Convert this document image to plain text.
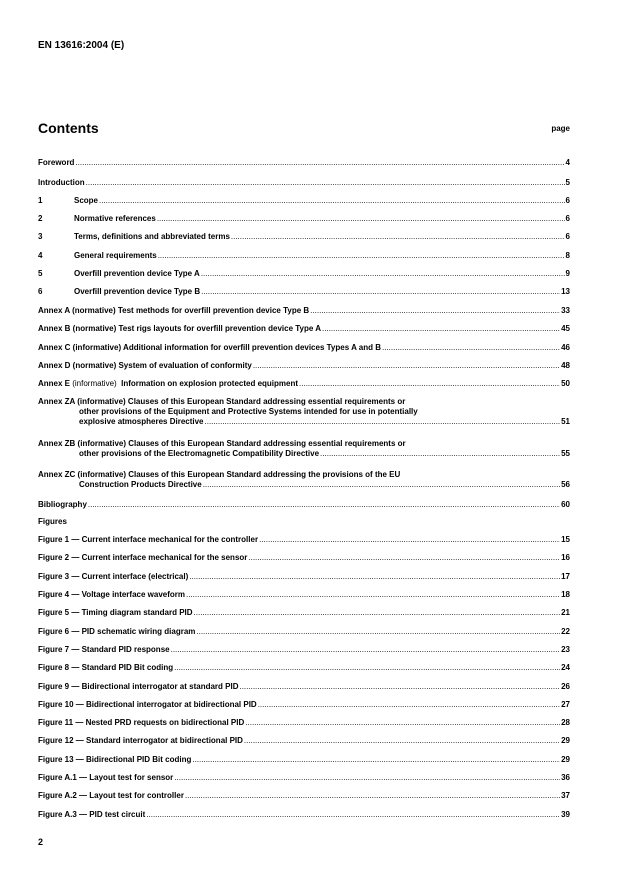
EN 13616:2004 (E)
Contents	page
Foreword .....	4
Introduction .....	5
1	Scope .....	6
2	Normative references .....	6
3	Terms, definitions and abbreviated terms .....	6
4	General requirements .....	8
5	Overfill prevention device Type A .....	9
6	Overfill prevention device Type B .....	13
Annex A (normative) Test methods for overfill prevention device Type B .....	33
Annex B (normative) Test rigs layouts for overfill prevention device Type A .....	45
Annex C (informative) Additional information for overfill prevention devices Types A and B .....	46
Annex D (normative) System of evaluation of conformity .....	48
Annex E (informative)  Information on explosion protected equipment .....	50
Annex ZA (informative) Clauses of this European Standard addressing essential requirements or
other provisions of the Equipment and Protective Systems intended for use in potentially
explosive atmospheres Directive .....	51
Annex ZB (informative) Clauses of this European Standard addressing essential requirements or
other provisions of the Electromagnetic Compatibility Directive .....	55
Annex ZC (informative) Clauses of this European Standard addressing the provisions of the EU
Construction Products Directive .....	56
Bibliography .....	60
Figures
Figure 1 — Current interface mechanical for the controller .....	15
Figure 2 — Current interface mechanical for the sensor .....	16
Figure 3 — Current interface (electrical) .....	17
Figure 4 — Voltage interface waveform .....	18
Figure 5 — Timing diagram standard PID .....	21
Figure 6 — PID schematic wiring diagram .....	22
Figure 7 — Standard PID response .....	23
Figure 8 — Standard PID Bit coding .....	24
Figure 9 — Bidirectional interrogator at standard PID .....	26
Figure 10 — Bidirectional interrogator at bidirectional PID .....	27
Figure 11 — Nested PRD requests on bidirectional PID .....	28
Figure 12 — Standard interrogator at bidirectional PID .....	29
Figure 13 — Bidirectional PID Bit coding .....	29
Figure A.1 — Layout test for sensor .....	36
Figure A.2 — Layout test for controller .....	37
Figure A.3 — PID test circuit .....	39
2
